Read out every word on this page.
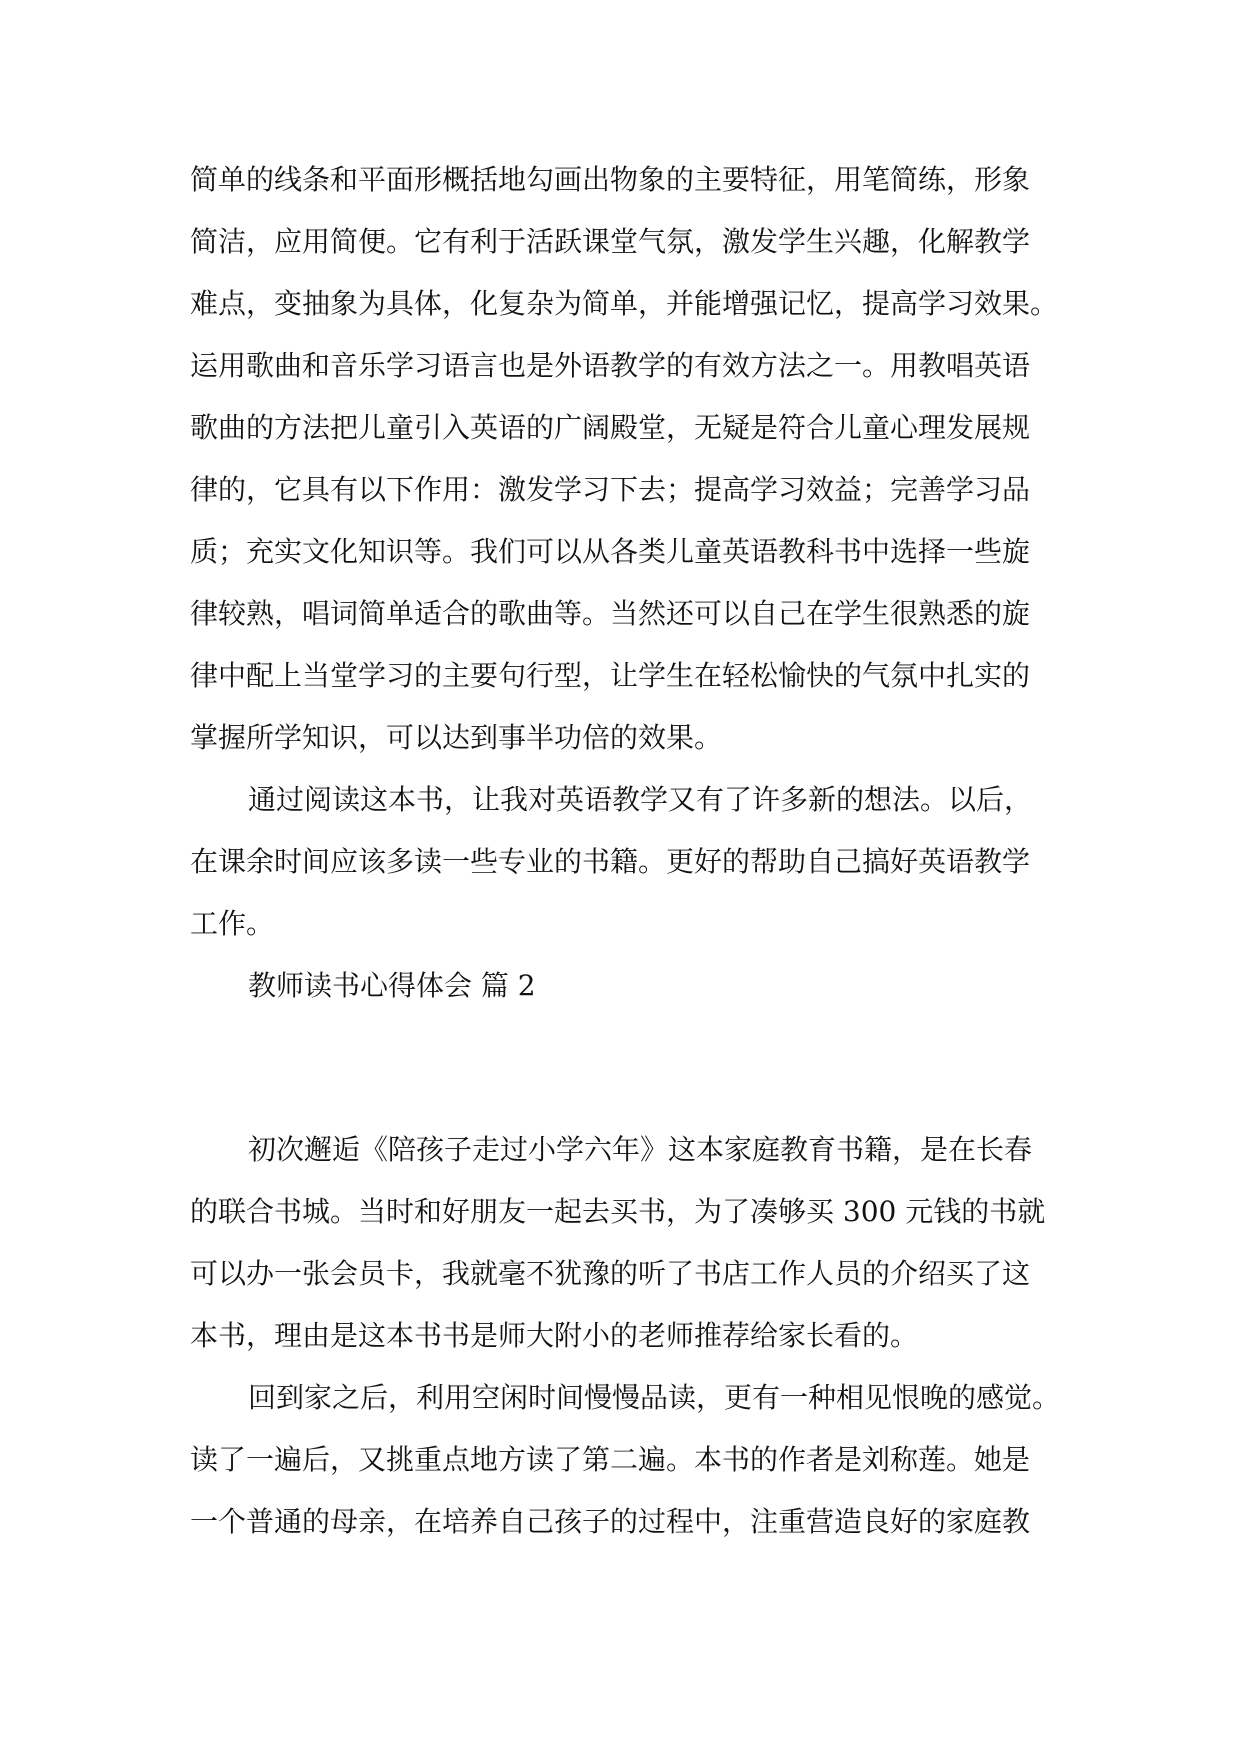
简单的线条和平面形概括地勾画出物象的主要特征，用笔简练，形象

简洁，应用简便。它有利于活跃课堂气氛，激发学生兴趣，化解教学

难点，变抽象为具体，化复杂为简单，并能增强记忆，提高学习效果。

运用歌曲和音乐学习语言也是外语教学的有效方法之一。用教唱英语

歌曲的方法把儿童引入英语的广阔殿堂，无疑是符合儿童心理发展规

律的，它具有以下作用：激发学习下去；提高学习效益；完善学习品

质；充实文化知识等。我们可以从各类儿童英语教科书中选择一些旋

律较熟，唱词简单适合的歌曲等。当然还可以自己在学生很熟悉的旋

律中配上当堂学习的主要句行型，让学生在轻松愉快的气氛中扎实的

掌握所学知识，可以达到事半功倍的效果。

通过阅读这本书，让我对英语教学又有了许多新的想法。以后，

在课余时间应该多读一些专业的书籍。更好的帮助自己搞好英语教学

工作。

教师读书心得体会 篇 2

初次邂逅《陪孩子走过小学六年》这本家庭教育书籍，是在长春

的联合书城。当时和好朋友一起去买书，为了凑够买 300 元钱的书就

可以办一张会员卡，我就毫不犹豫的听了书店工作人员的介绍买了这

本书，理由是这本书书是师大附小的老师推荐给家长看的。

回到家之后，利用空闲时间慢慢品读，更有一种相见恨晚的感觉。

读了一遍后，又挑重点地方读了第二遍。本书的作者是刘称莲。她是

一个普通的母亲，在培养自己孩子的过程中，注重营造良好的家庭教
